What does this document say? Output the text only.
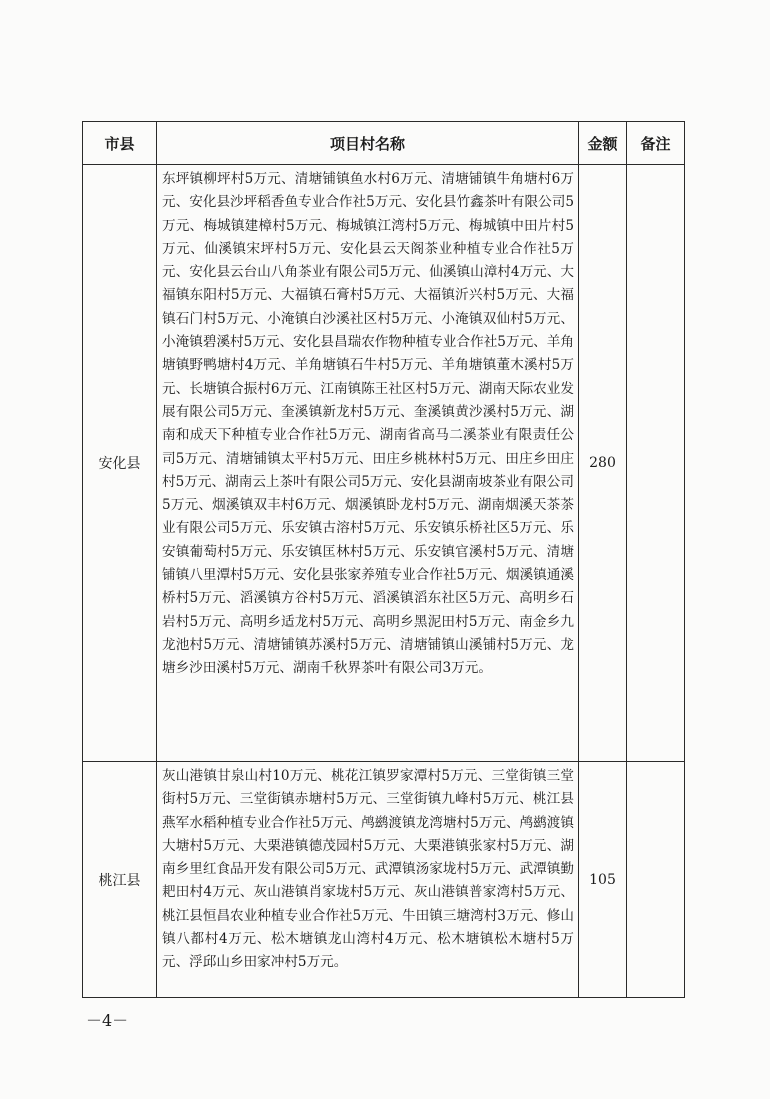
市县	项目村名称	金额	备注
安化县	东坪镇柳坪村5万元、清塘铺镇鱼水村6万元、清塘铺镇牛角塘村6万元、安化县沙坪稻香鱼专业合作社5万元、安化县竹鑫茶叶有限公司5万元、梅城镇建樟村5万元、梅城镇江湾村5万元、梅城镇中田片村5万元、仙溪镇宋坪村5万元、安化县云天阁茶业种植专业合作社5万元、安化县云台山八角茶业有限公司5万元、仙溪镇山漳村4万元、大福镇东阳村5万元、大福镇石膏村5万元、大福镇沂兴村5万元、大福镇石门村5万元、小淹镇白沙溪社区村5万元、小淹镇双仙村5万元、小淹镇碧溪村5万元、安化县昌瑞农作物种植专业合作社5万元、羊角塘镇野鸭塘村4万元、羊角塘镇石牛村5万元、羊角塘镇董木溪村5万元、长塘镇合振村6万元、江南镇陈王社区村5万元、湖南天际农业发展有限公司5万元、奎溪镇新龙村5万元、奎溪镇黄沙溪村5万元、湖南和成天下种植专业合作社5万元、湖南省高马二溪茶业有限责任公司5万元、清塘铺镇太平村5万元、田庄乡桃林村5万元、田庄乡田庄村5万元、湖南云上茶叶有限公司5万元、安化县湖南坡茶业有限公司5万元、烟溪镇双丰村6万元、烟溪镇卧龙村5万元、湖南烟溪天茶茶业有限公司5万元、乐安镇古溶村5万元、乐安镇乐桥社区5万元、乐安镇葡萄村5万元、乐安镇匡林村5万元、乐安镇官溪村5万元、清塘铺镇八里潭村5万元、安化县张家养殖专业合作社5万元、烟溪镇通溪桥村5万元、滔溪镇方谷村5万元、滔溪镇滔东社区5万元、高明乡石岩村5万元、高明乡适龙村5万元、高明乡黑泥田村5万元、南金乡九龙池村5万元、清塘铺镇苏溪村5万元、清塘铺镇山溪铺村5万元、龙塘乡沙田溪村5万元、湖南千秋界茶叶有限公司3万元。	280	
桃江县	灰山港镇甘泉山村10万元、桃花江镇罗家潭村5万元、三堂街镇三堂街村5万元、三堂街镇赤塘村5万元、三堂街镇九峰村5万元、桃江县燕军水稻种植专业合作社5万元、鸬鹚渡镇龙湾塘村5万元、鸬鹚渡镇大塘村5万元、大栗港镇德茂园村5万元、大栗港镇张家村5万元、湖南乡里红食品开发有限公司5万元、武潭镇汤家垅村5万元、武潭镇勤耙田村4万元、灰山港镇肖家垅村5万元、灰山港镇普家湾村5万元、桃江县恒昌农业种植专业合作社5万元、牛田镇三塘湾村3万元、修山镇八都村4万元、松木塘镇龙山湾村4万元、松木塘镇松木塘村5万元、浮邱山乡田家冲村5万元。	105	
－4－
